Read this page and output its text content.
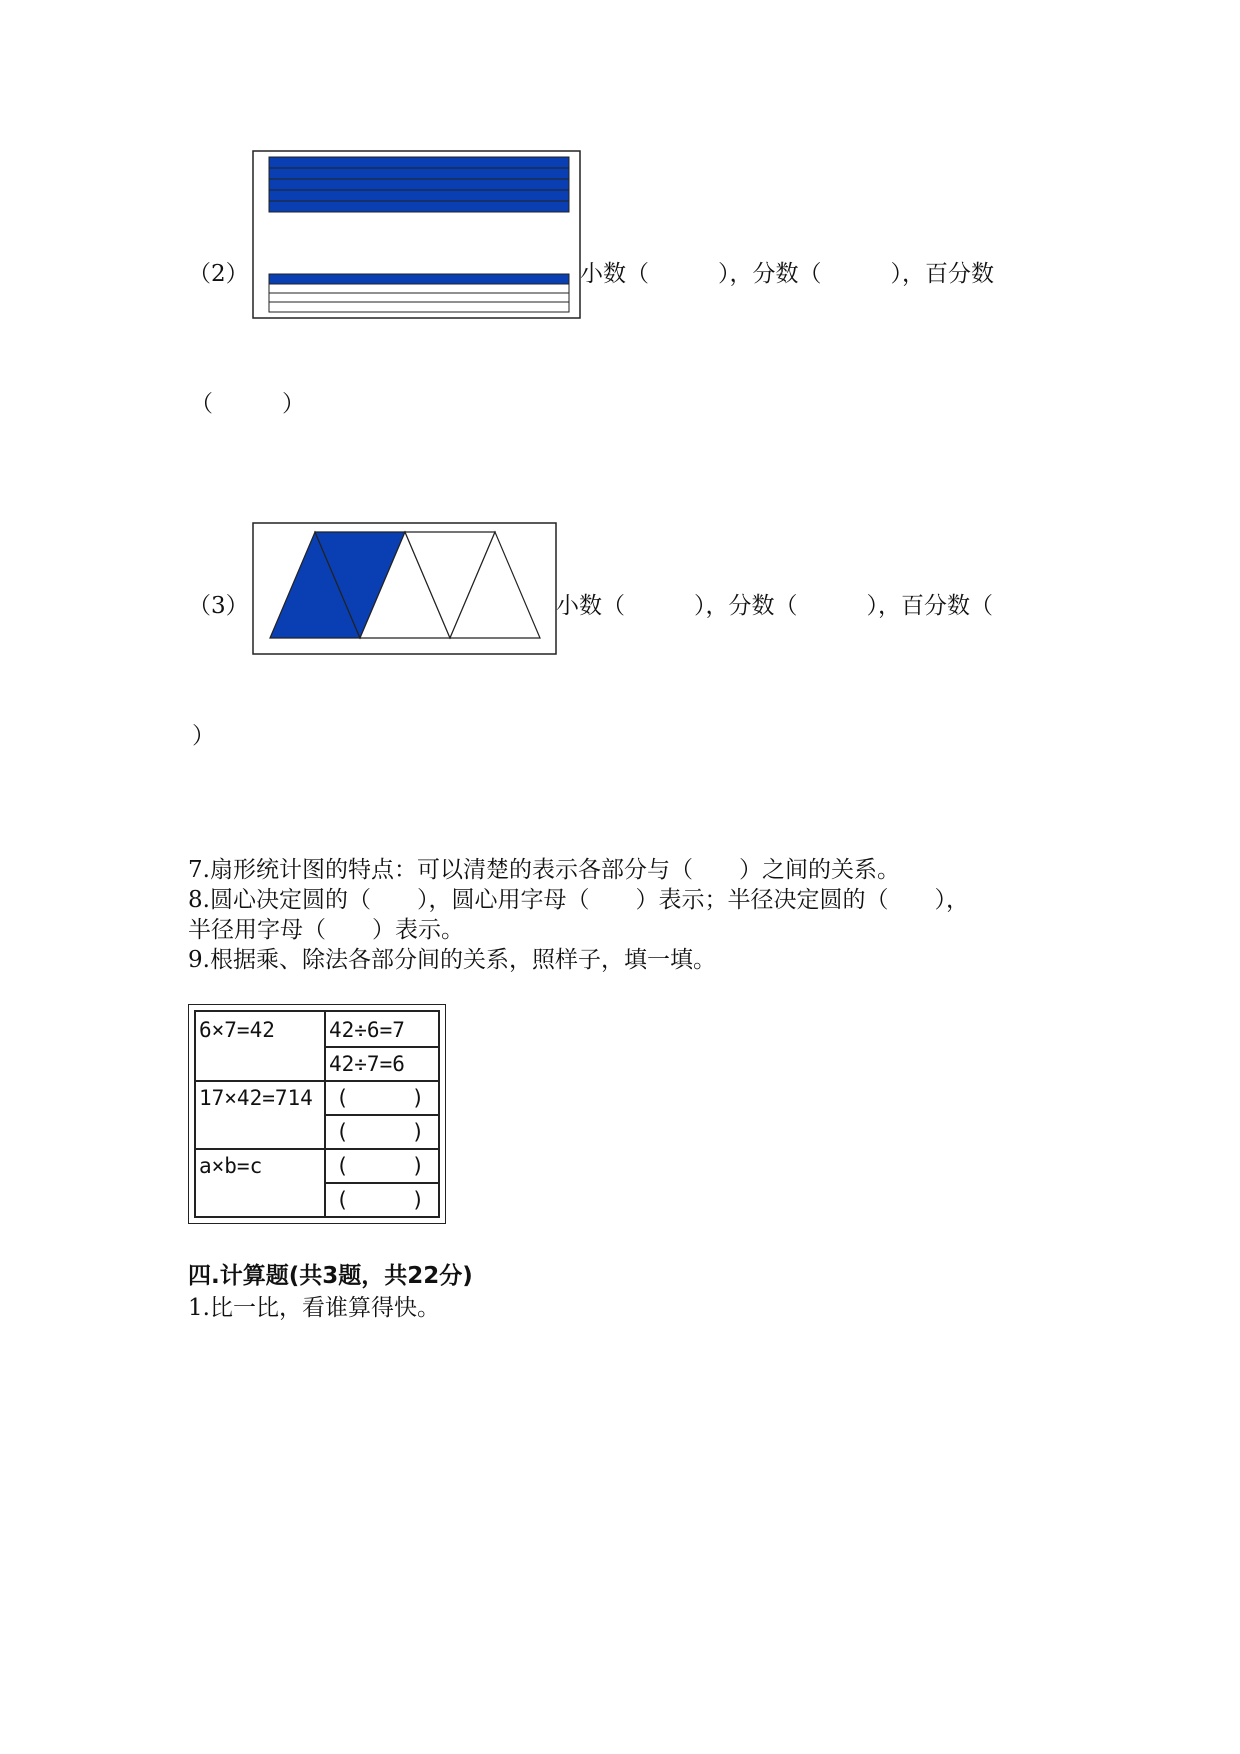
（2）	小数（　　　），分数（　　　），百分数
（　　　）
（3）	小数（　　　），分数（　　　），百分数（
）
7.扇形统计图的特点：可以清楚的表示各部分与（　　）之间的关系。
8.圆心决定圆的（　　），圆心用字母（　　）表示；半径决定圆的（　　），
半径用字母（　　）表示。
9.根据乘、除法各部分间的关系，照样子，填一填。
6×7=42	42÷6=7
42÷7=6
17×42=714 (　　　)
(　　　)
a×b=c	(　　　)
(　　　)
四.计算题(共3题，共22分)
1.比一比，看谁算得快。
